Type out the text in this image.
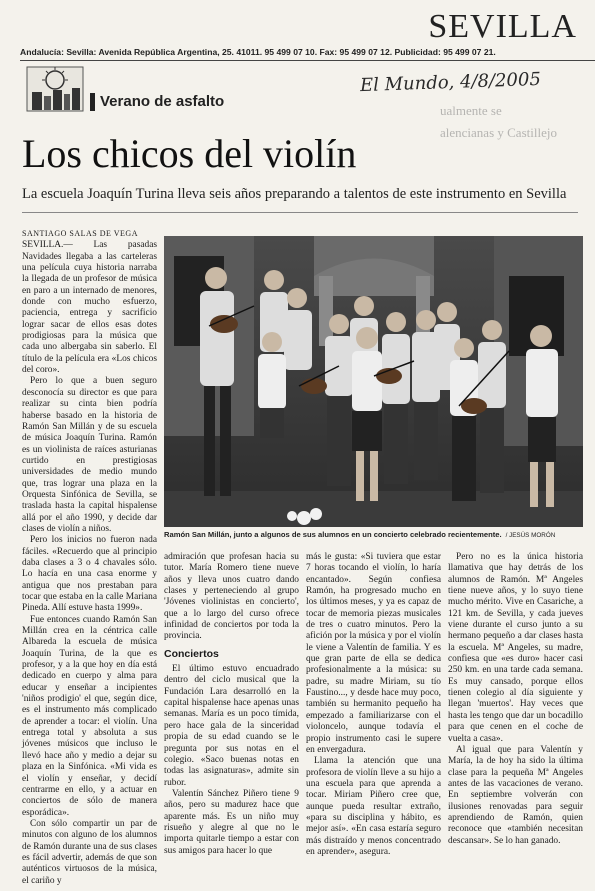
SEVILLA
Andalucía: Sevilla: Avenida República Argentina, 25. 41011. 95 499 07 10. Fax: 95 499 07 12. Publicidad: 95 499 07 21.
El Mundo, 4/8/2005
Verano de asfalto
ualmente se
alencianas y Castillejo
Los chicos del violín
La escuela Joaquín Turina lleva seis años preparando a talentos de este instrumento en Sevilla
SANTIAGO SALAS DE VEGA

SEVILLA.— Las pasadas Navidades llegaba a las carteleras una película cuya historia narraba la llegada de un profesor de música en paro a un internado de menores, donde con mucho esfuerzo, paciencia, entrega y sacrificio lograr sacar de ellos esas dotes prodigiosas para la música que cada uno albergaba sin saberlo. El título de la película era «Los chicos del coro».

Pero lo que a buen seguro desconocía su director es que para realizar su cinta bien podría haberse basado en la historia de Ramón San Millán y de su escuela de música Joaquín Turina. Ramón es un violinista de raíces asturianas curtido en prestigiosas universidades de medio mundo que, tras lograr una plaza en la Orquesta Sinfónica de Sevilla, se traslada hasta la capital hispalense allá por el año 1990, y decide dar clases de violín a niños.

Pero los inicios no fueron nada fáciles. «Recuerdo que al principio daba clases a 3 o 4 chavales sólo. Lo hacía en una casa enorme y antigua que nos prestaban para tocar que estaba en la calle Mariana Pineda. Allí estuve hasta 1999».

Fue entonces cuando Ramón San Millán crea en la céntrica calle Albareda la escuela de música Joaquín Turina, de la que es profesor, y a la que hoy en día está dedicado en cuerpo y alma para educar y enseñar a incipientes 'niños prodigio' el que, según dice, es el instrumento más complicado de aprender a tocar: el violín. Una entrega total y absoluta a sus jóvenes músicos que incluso le llevó hace año y medio a dejar su plaza en la Sinfónica. «Mi vida es el violín y enseñar, y decidí centrarme en ello, y a actuar en conciertos de sólo de manera esporádica».

Con sólo compartir un par de minutos con alguno de los alumnos de Ramón durante una de sus clases es fácil advertir, además de que son auténticos virtuosos de la música, el cariño y

Ramón San Millán, junto a algunos de sus alumnos en un concierto celebrado recientemente. / JESÚS MORÓN

admiración que profesan hacia su tutor. María Romero tiene nueve años y lleva unos cuatro dando clases y perteneciendo al grupo 'Jóvenes violinistas en concierto', que a lo largo del curso ofrece infinidad de conciertos por toda la provincia.

Conciertos

El último estuvo encuadrado dentro del ciclo musical que la Fundación Lara desarrolló en la capital hispalense hace apenas unas semanas. María es un poco tímida, pero hace gala de la sinceridad propia de su edad cuando se le pregunta por sus notas en el colegio. «Saco buenas notas en todas las asignaturas», admite sin rubor.

Valentín Sánchez Piñero tiene 9 años, pero su madurez hace que aparente más. Es un niño muy risueño y alegre al que no le importa quitarle tiempo a estar con sus amigos para hacer lo que

más le gusta: «Si tuviera que estar 7 horas tocando el violín, lo haría encantado». Según confiesa Ramón, ha progresado mucho en los últimos meses, y ya es capaz de tocar de memoria piezas musicales de tres o cuatro minutos. Pero la afición por la música y por el violín le viene a Valentín de familia. Y es que gran parte de ella se dedica profesionalmente a la música: su padre, su madre Miriam, su tío Faustino..., y desde hace muy poco, también su hermanito pequeño ha empezado a familiarizarse con el violoncelo, aunque todavía el propio instrumento casi le supere en envergadura.

Llama la atención que una profesora de violín lleve a su hijo a una escuela para que aprenda a tocar. Miriam Piñero cree que, aunque pueda resultar extraño, «para su disciplina y hábito, es mejor así». «En casa estaría seguro más distraído y menos concentrado en aprender», asegura.

Pero no es la única historia llamativa que hay detrás de los alumnos de Ramón. Mª Angeles tiene nueve años, y lo suyo tiene mucho mérito. Vive en Casariche, a 121 km. de Sevilla, y cada jueves viene durante el curso junto a su hermano pequeño a dar clases hasta la escuela. Mª Angeles, su madre, confiesa que «es duro» hacer casi 250 km. en una tarde cada semana. Es muy cansado, porque ellos tienen colegio al día siguiente y llegan 'muertos'. Hay veces que hasta les tengo que dar un bocadillo para que cenen en el coche de vuelta a casa».

Al igual que para Valentín y María, la de hoy ha sido la última clase para la pequeña Mª Angeles antes de las vacaciones de verano. En septiembre volverán con ilusiones renovadas para seguir aprendiendo de Ramón, quien reconoce que «también necesitan descansar». Se lo han ganado.
